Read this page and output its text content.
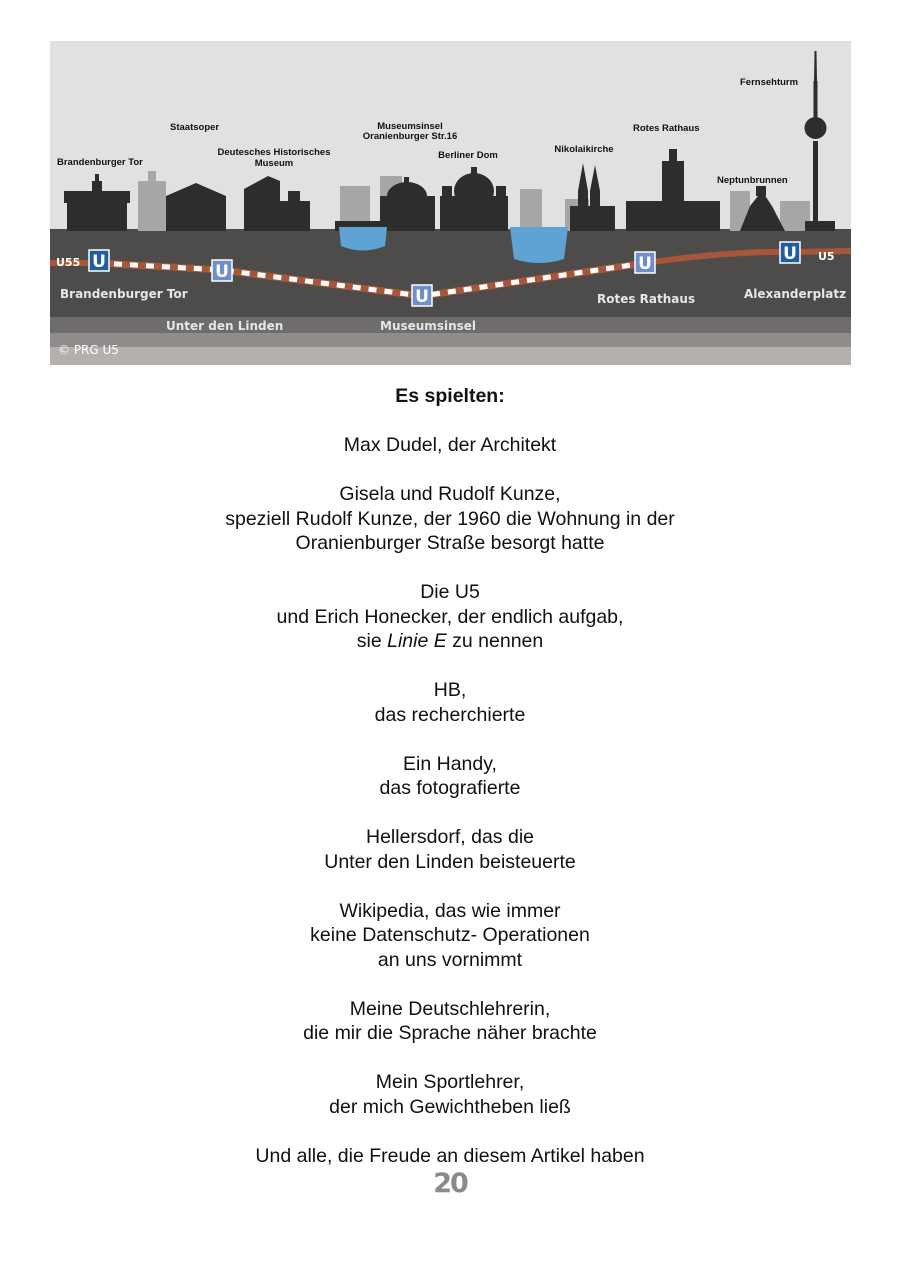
U	U
U
U	U
U55	U5
Brandenburger Tor
Unter den Linden	Museumsinsel
Rotes Rathaus	Alexanderplatz
© PRG U5
Fernsehturm
Staatsoper	Museumsinsel
Oranienburger Str.16
Rotes Rathaus
Deutesches Historisches
Museum
Berliner Dom
Nikolaikirche
Brandenburger Tor
Neptunbrunnen
Es spielten:
Max Dudel, der Architekt
Gisela und Rudolf Kunze,
speziell Rudolf Kunze, der 1960 die Wohnung in der
Oranienburger Straße besorgt hatte
Die U5
und Erich Honecker, der endlich aufgab,
sie Linie E zu nennen
HB,
das recherchierte
Ein Handy,
das fotografierte
Hellersdorf, das die
Unter den Linden beisteuerte
Wikipedia, das wie immer
keine Datenschutz- Operationen
an uns vornimmt
Meine Deutschlehrerin,
die mir die Sprache näher brachte
Mein Sportlehrer,
der mich Gewichtheben ließ
Und alle, die Freude an diesem Artikel haben
20
